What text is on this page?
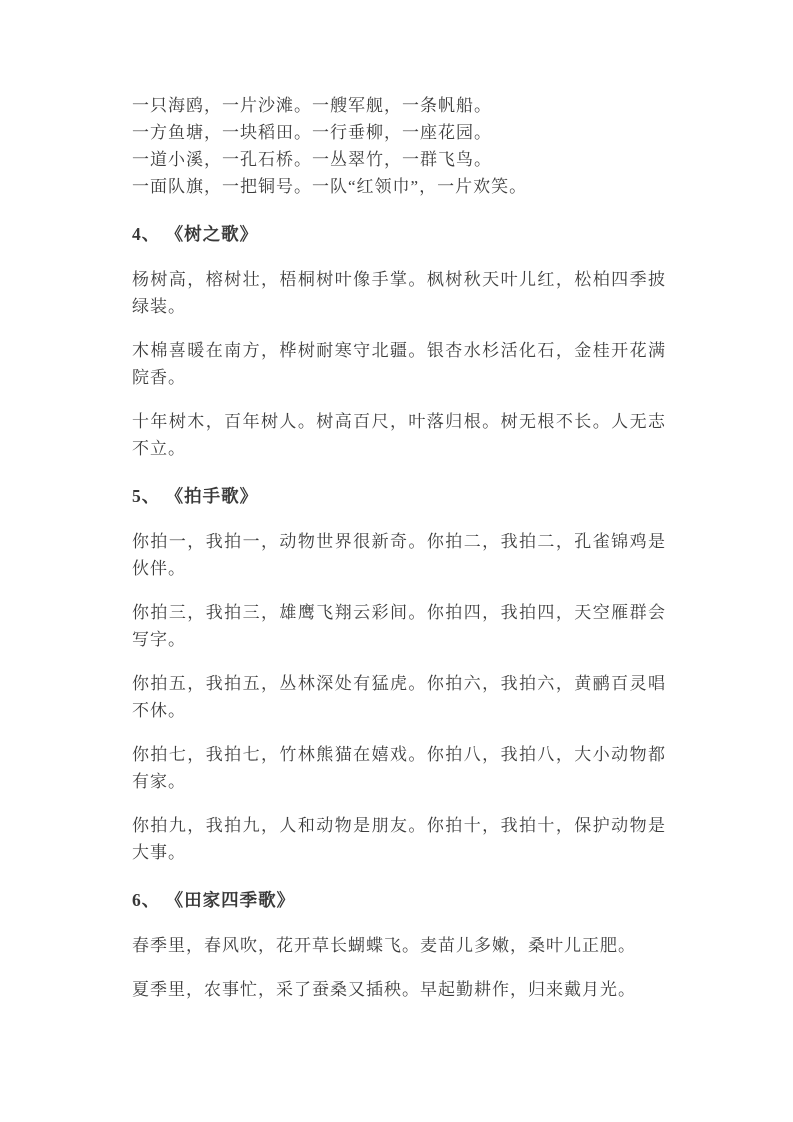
一只海鸥，一片沙滩。一艘军舰，一条帆船。
一方鱼塘，一块稻田。一行垂柳，一座花园。
一道小溪，一孔石桥。一丛翠竹，一群飞鸟。
一面队旗，一把铜号。一队“红领巾”，一片欢笑。
4、 《树之歌》

杨树高，榕树壮，梧桐树叶像手掌。枫树秋天叶儿红，松柏四季披绿装。

木棉喜暖在南方，桦树耐寒守北疆。银杏水杉活化石，金桂开花满院香。

十年树木，百年树人。树高百尺，叶落归根。树无根不长。人无志不立。

5、 《拍手歌》

你拍一，我拍一，动物世界很新奇。你拍二，我拍二，孔雀锦鸡是伙伴。

你拍三，我拍三，雄鹰飞翔云彩间。你拍四，我拍四，天空雁群会写字。

你拍五，我拍五，丛林深处有猛虎。你拍六，我拍六，黄鹂百灵唱不休。

你拍七，我拍七，竹林熊猫在嬉戏。你拍八，我拍八，大小动物都有家。

你拍九，我拍九，人和动物是朋友。你拍十，我拍十，保护动物是大事。

6、 《田家四季歌》

春季里，春风吹，花开草长蝴蝶飞。麦苗儿多嫩，桑叶儿正肥。

夏季里，农事忙，采了蚕桑又插秧。早起勤耕作，归来戴月光。
